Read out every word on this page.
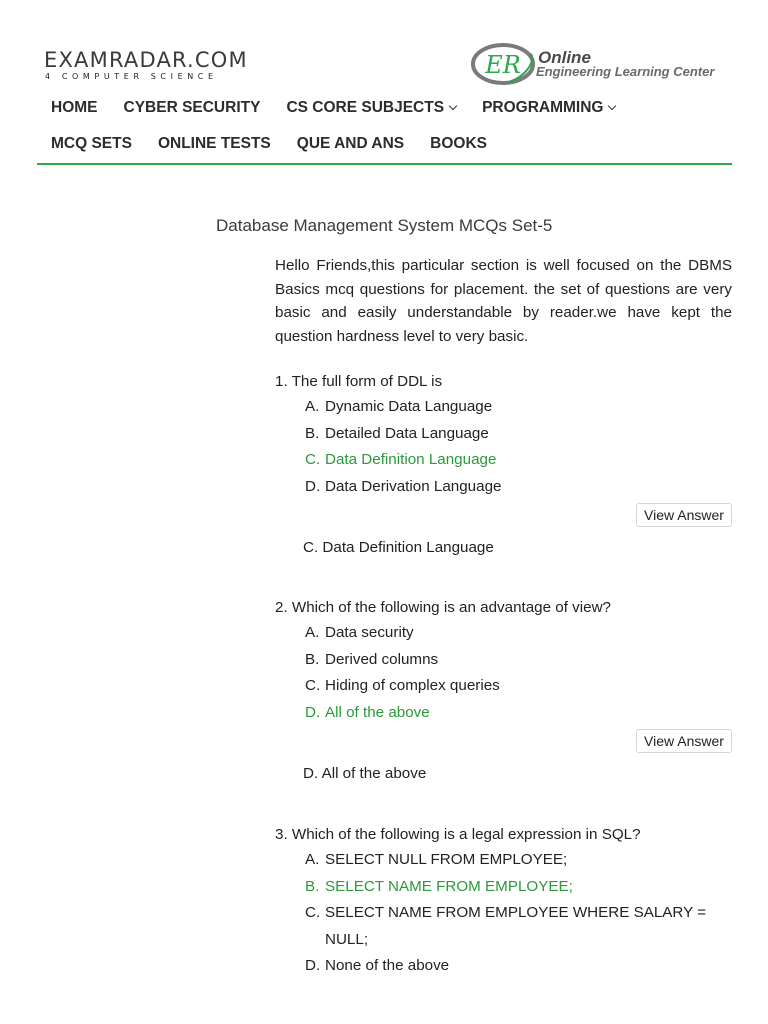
EXAMRADAR.COM
4 COMPUTER SCIENCE	ER Online
Engineering Learning Center
HOME CYBER SECURITY CS CORE SUBJECTS PROGRAMMING
MCQ SETS ONLINE TESTS QUE AND ANS BOOKS
Database Management System MCQs Set-5

Hello Friends,this particular section is well focused on the DBMS Basics mcq questions for placement. the set of questions are very basic and easily understandable by reader.we have kept the question hardness level to very basic.

1. The full form of DDL is
A. Dynamic Data Language
B. Detailed Data Language
C. Data Definition Language
D. Data Derivation Language
View Answer
C. Data Definition Language
2. Which of the following is an advantage of view?
A. Data security
B. Derived columns
C. Hiding of complex queries
D. All of the above
View Answer
D. All of the above
3. Which of the following is a legal expression in SQL?
A. SELECT NULL FROM EMPLOYEE;
B. SELECT NAME FROM EMPLOYEE;
C. SELECT NAME FROM EMPLOYEE WHERE SALARY = NULL;
D. None of the above
